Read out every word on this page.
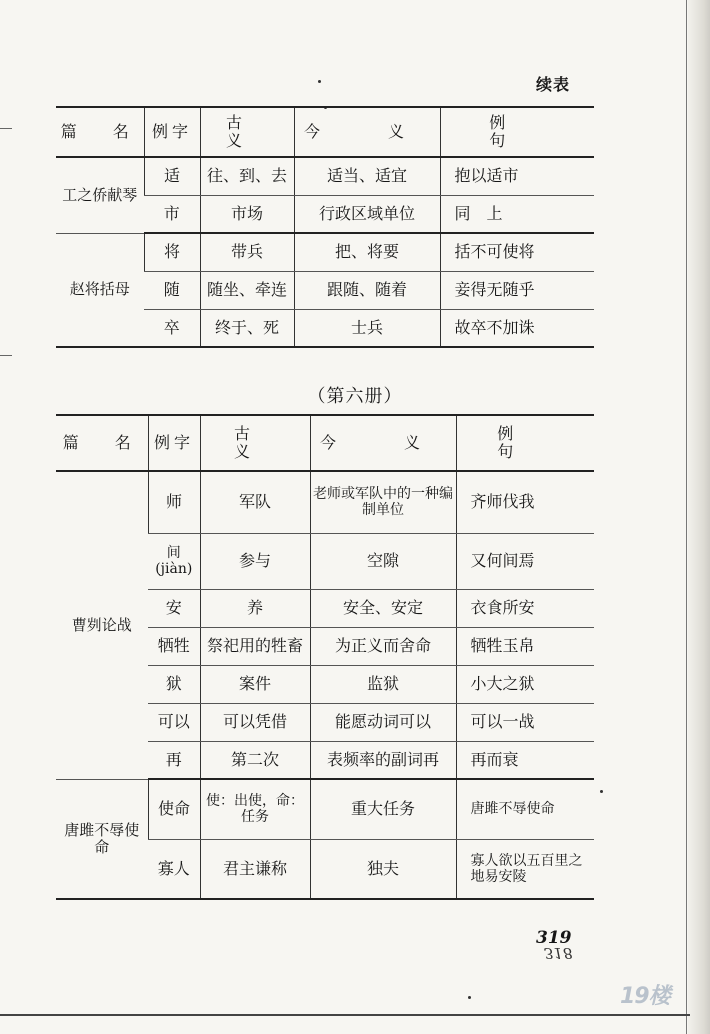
续表
篇　名	例字	古　义	今　义	例　句
工之侨献琴	适	往、到、去	适当、适宜	抱以适市
	市	市场	行政区域单位	同　上
赵将括母	将	带兵	把、将要	括不可使将
	随	随坐、牵连	跟随、随着	妾得无随乎
	卒	终于、死	士兵	故卒不加诛
（第六册）
篇　名	例字	古　义	今　义	例　句
曹刿论战	师	军队	老师或军队中的一种编制单位	齐师伐我
	间(jiàn)	参与	空隙	又何间焉
	安	养	安全、安定	衣食所安
	牺牲	祭祀用的牲畜	为正义而舍命	牺牲玉帛
	狱	案件	监狱	小大之狱
	可以	可以凭借	能愿动词可以	可以一战
	再	第二次	表频率的副词再	再而衰
唐雎不辱使命	使命	使：出使，命：任务	重大任务	唐雎不辱使命
	寡人	君主谦称	独夫	寡人欲以五百里之地易安陵
319
318
19楼
